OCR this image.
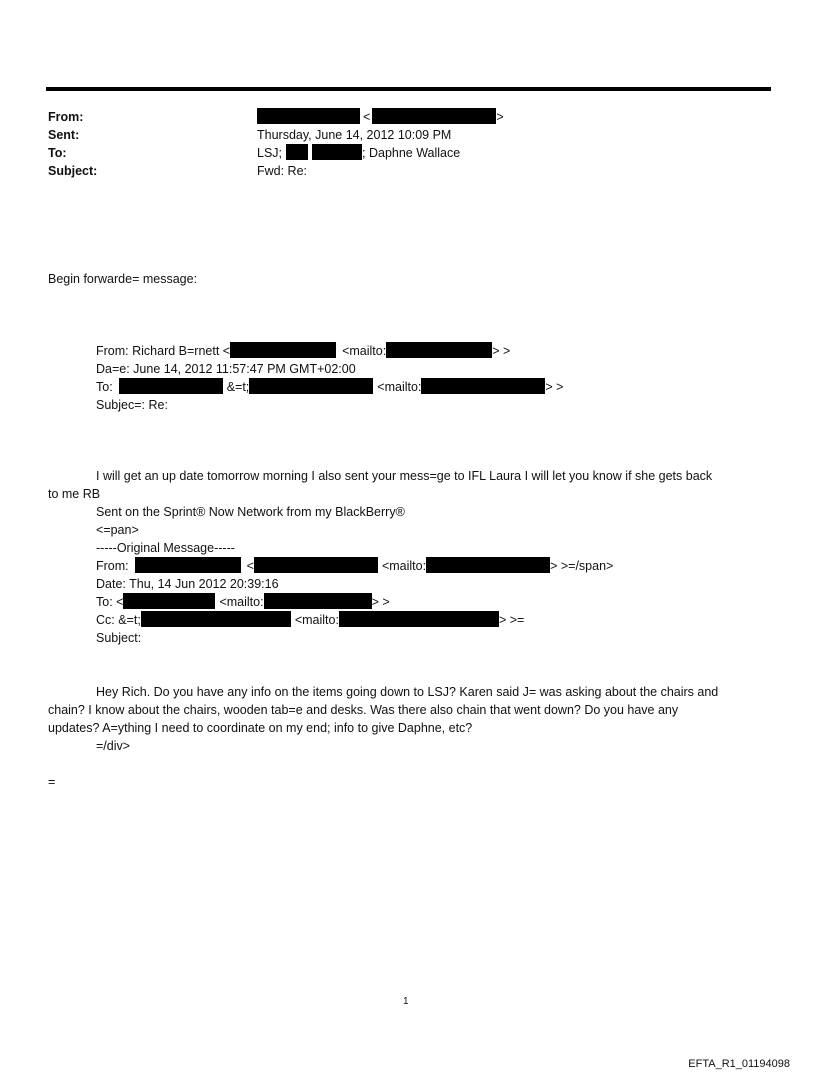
From:	<	>
Sent:	Thursday, June 14, 2012 10:09 PM
To:	LSJ;	; Daphne Wallace
Subject:	Fwd: Re:
Begin forwarde= message:
From: Richard B=rnett <	<mailto:	> >
Da=e: June 14, 2012 11:57:47 PM GMT+02:00
To:	&=t;	<mailto:	> >
Subjec=: Re:
I will get an up date tomorrow morning I also sent your mess=ge to IFL Laura I will let you know if she gets back
to me RB
Sent on the Sprint® Now Network from my BlackBerry®
<=pan>
-----Original Message-----
From:	<	<mailto:	> >=/span>
Date: Thu, 14 Jun 2012 20:39:16
To: <	<mailto:	> >
Cc: &=t;	<mailto:	> >=
Subject:
Hey Rich. Do you have any info on the items going down to LSJ? Karen said J= was asking about the chairs and
chain? I know about the chairs, wooden tab=e and desks. Was there also chain that went down? Do you have any
updates? A=ything I need to coordinate on my end; info to give Daphne, etc?
=/div>
=
1
EFTA_R1_01194098
